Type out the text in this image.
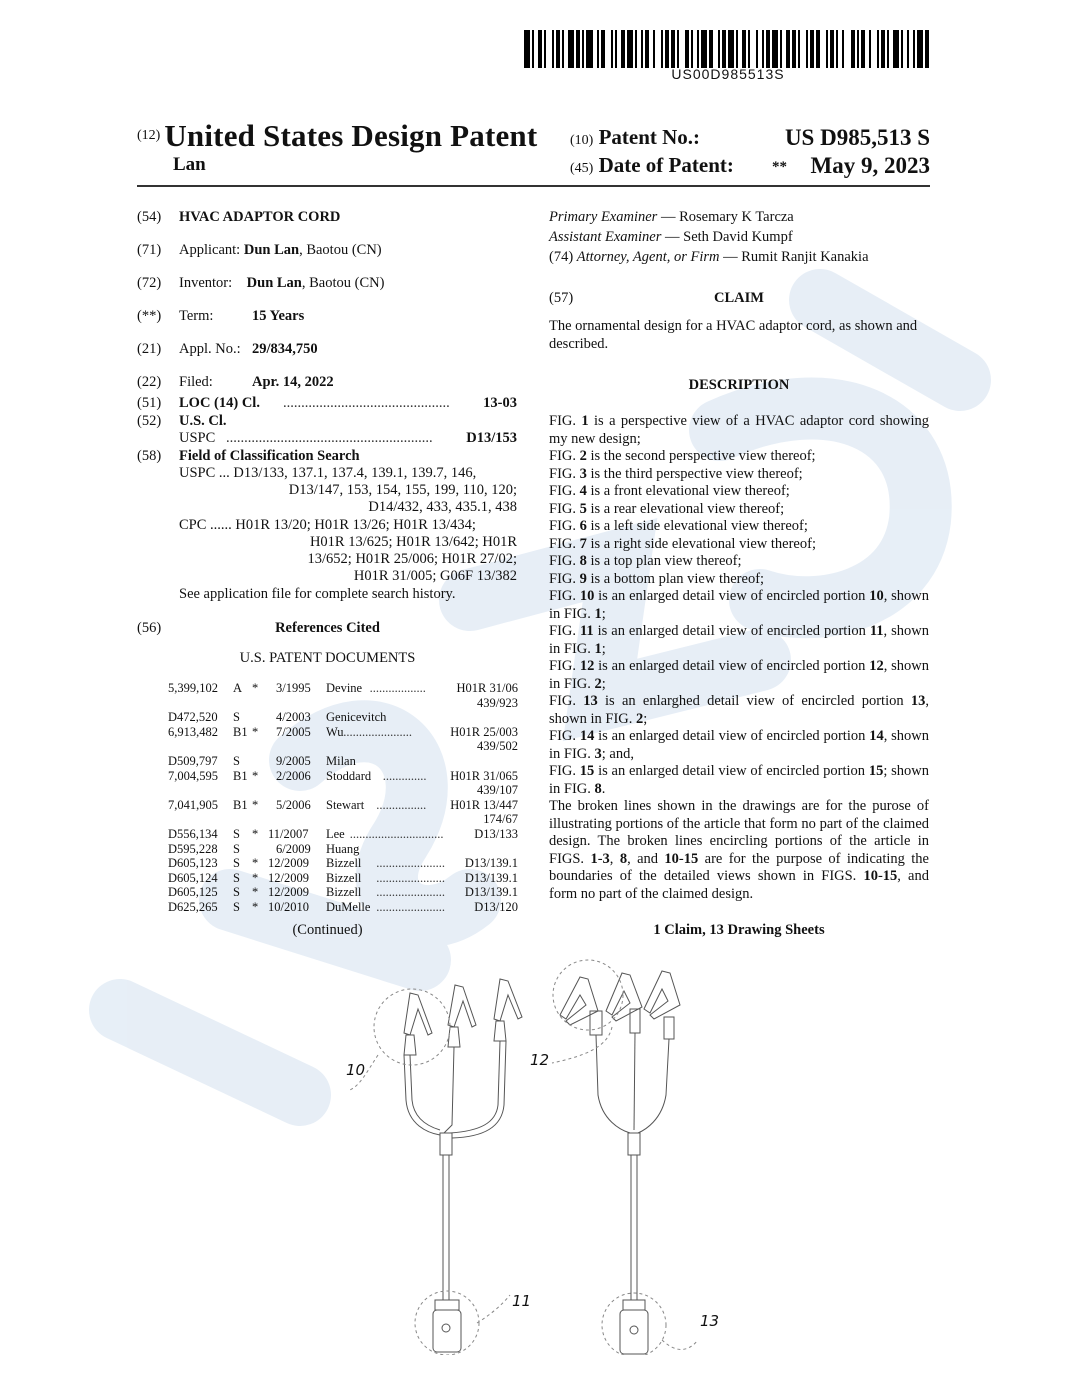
US00D985513S
(12) United States Design Patent
Lan
(10) Patent No.:	US D985,513 S
(45) Date of Patent:	** May 9, 2023
(54) HVAC ADAPTOR CORD
(71) Applicant: Dun Lan, Baotou (CN)
(72) Inventor: Dun Lan, Baotou (CN)
(**) Term:	15 Years
(21) Appl. No.: 29/834,750
(22) Filed:	Apr. 14, 2022
(51) LOC (14) Cl. .............................................. 13-03
(52) U.S. Cl.
USPC ......................................................... D13/153
(58) Field of Classification Search
USPC ... D13/133, 137.1, 137.4, 139.1, 139.7, 146,
D13/147, 153, 154, 155, 199, 110, 120;
D14/432, 433, 435.1, 438
CPC ...... H01R 13/20; H01R 13/26; H01R 13/434;
H01R 13/625; H01R 13/642; H01R
13/652; H01R 25/006; H01R 27/02;
H01R 31/005; G06F 13/382
See application file for complete search history.
(56)	References Cited
U.S. PATENT DOCUMENTS
5,399,102 A * 3/1995 Devine .................. H01R 31/06
439/923
D472,520 S	4/2003 Genicevitch
6,913,482 B1 * 7/2005 Wu ......................	H01R 25/003
439/502
D509,797 S	9/2005 Milan
7,004,595 B1 * 2/2006 Stoddard .............. H01R 31/065
439/107
7,041,905 B1 * 5/2006 Stewart ................ H01R 13/447
174/67
D556,134 S * 11/2007 Lee .............................. D13/133
D595,228 S	6/2009 Huang
D605,123 S * 12/2009 Bizzell ...................... D13/139.1
D605,124 S * 12/2009 Bizzell ...................... D13/139.1
D605,125 S * 12/2009 Bizzell ...................... D13/139.1
D625,265 S * 10/2010 DuMelle ...................... D13/120
(Continued)
Primary Examiner — Rosemary K Tarcza
Assistant Examiner — Seth David Kumpf
(74) Attorney, Agent, or Firm — Rumit Ranjit Kanakia
(57)	CLAIM
The ornamental design for a HVAC adaptor cord, as shown and described.
DESCRIPTION

FIG. 1 is a perspective view of a HVAC adaptor cord showing my new design;

FIG. 2 is the second perspective view thereof;

FIG. 3 is the third perspective view thereof;

FIG. 4 is a front elevational view thereof;

FIG. 5 is a rear elevational view thereof;

FIG. 6 is a left side elevational view thereof;

FIG. 7 is a right side elevational view thereof;

FIG. 8 is a top plan view thereof;

FIG. 9 is a bottom plan view thereof;

FIG. 10 is an enlarged detail view of encircled portion 10, shown in FIG. 1;

FIG. 11 is an enlarged detail view of encircled portion 11, shown in FIG. 1;

FIG. 12 is an enlarged detail view of encircled portion 12, shown in FIG. 2;

FIG. 13 is an enlarghed detail view of encircled portion 13, shown in FIG. 2;

FIG. 14 is an enlarged detail view of encircled portion 14, shown in FIG. 3; and,

FIG. 15 is an enlarged detail view of encircled portion 15; shown in FIG. 8.

The broken lines shown in the drawings are for the purose of illustrating portions of the article that form no part of the claimed design. The broken lines encircling portions of the article in FIGS. 1-3, 8, and 10-15 are for the purpose of indicating the boundaries of the detailed views shown in FIGS. 10-15, and form no part of the claimed design.

1 Claim, 13 Drawing Sheets
10
12
11
13
